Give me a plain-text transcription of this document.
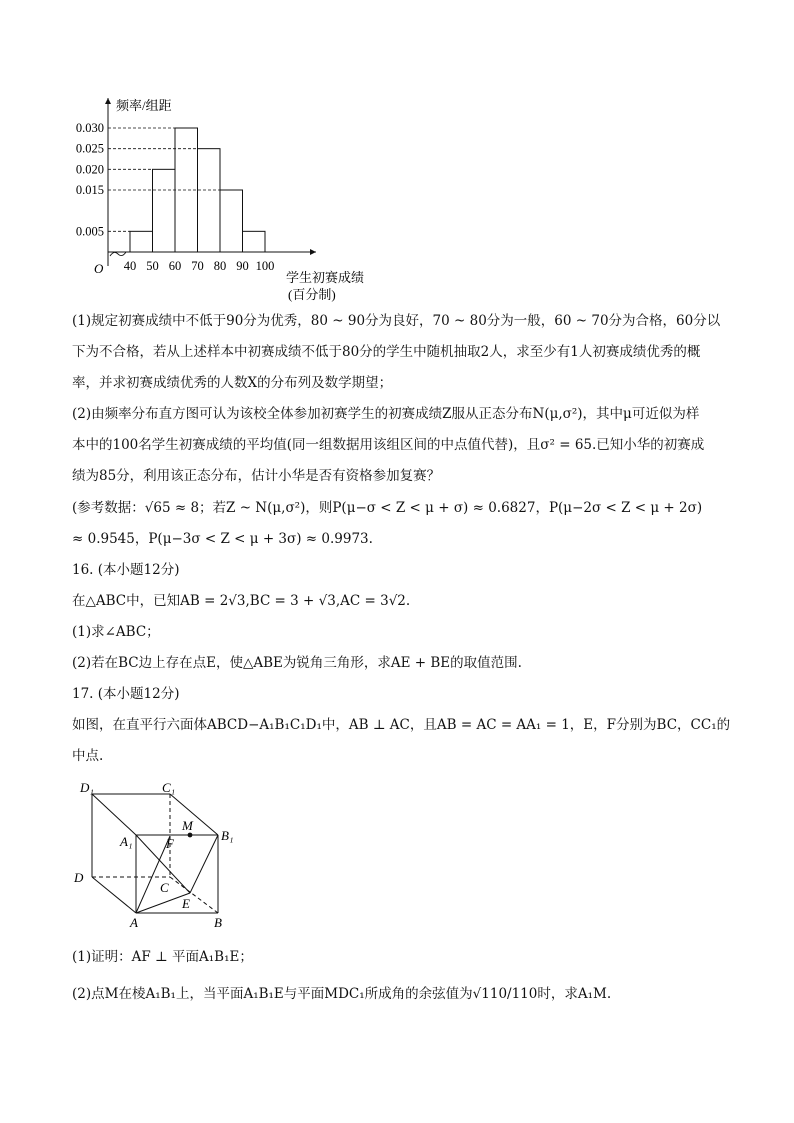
0.030
0.025
0.020
0.015
0.005
40 50 60 70 80 90 100
频率/组距
O
学生初赛成绩
(百分制)
(1)规定初赛成绩中不低于90分为优秀，80 ~ 90分为良好，70 ~ 80分为一般，60 ~ 70分为合格，60分以
下为不合格，若从上述样本中初赛成绩不低于80分的学生中随机抽取2人，求至少有1人初赛成绩优秀的概
率，并求初赛成绩优秀的人数X的分布列及数学期望；
(2)由频率分布直方图可认为该校全体参加初赛学生的初赛成绩Z服从正态分布N(μ,σ²)，其中μ可近似为样
本中的100名学生初赛成绩的平均值(同一组数据用该组区间的中点值代替)，且σ² = 65.已知小华的初赛成
绩为85分，利用该正态分布，估计小华是否有资格参加复赛？
(参考数据：√65 ≈ 8；若Z ~ N(μ,σ²)，则P(μ−σ < Z < μ + σ) ≈ 0.6827，P(μ−2σ < Z < μ + 2σ)
≈ 0.9545，P(μ−3σ < Z < μ + 3σ) ≈ 0.9973.
16. (本小题12分)
在△ABC中，已知AB = 2√3,BC = 3 + √3,AC = 3√2.
(1)求∠ABC；
(2)若在BC边上存在点E，使△ABE为锐角三角形，求AE + BE的取值范围.
17. (本小题12分)
如图，在直平行六面体ABCD−A₁B₁C₁D₁中，AB ⊥ AC，且AB = AC = AA₁ = 1，E，F分别为BC，CC₁的
中点.
D₁	C₁
M
A₁	F
B₁
D
C
E
A	B
(1)证明：AF ⊥ 平面A₁B₁E；
(2)点M在棱A₁B₁上，当平面A₁B₁E与平面MDC₁所成角的余弦值为√110/110时，求A₁M.
